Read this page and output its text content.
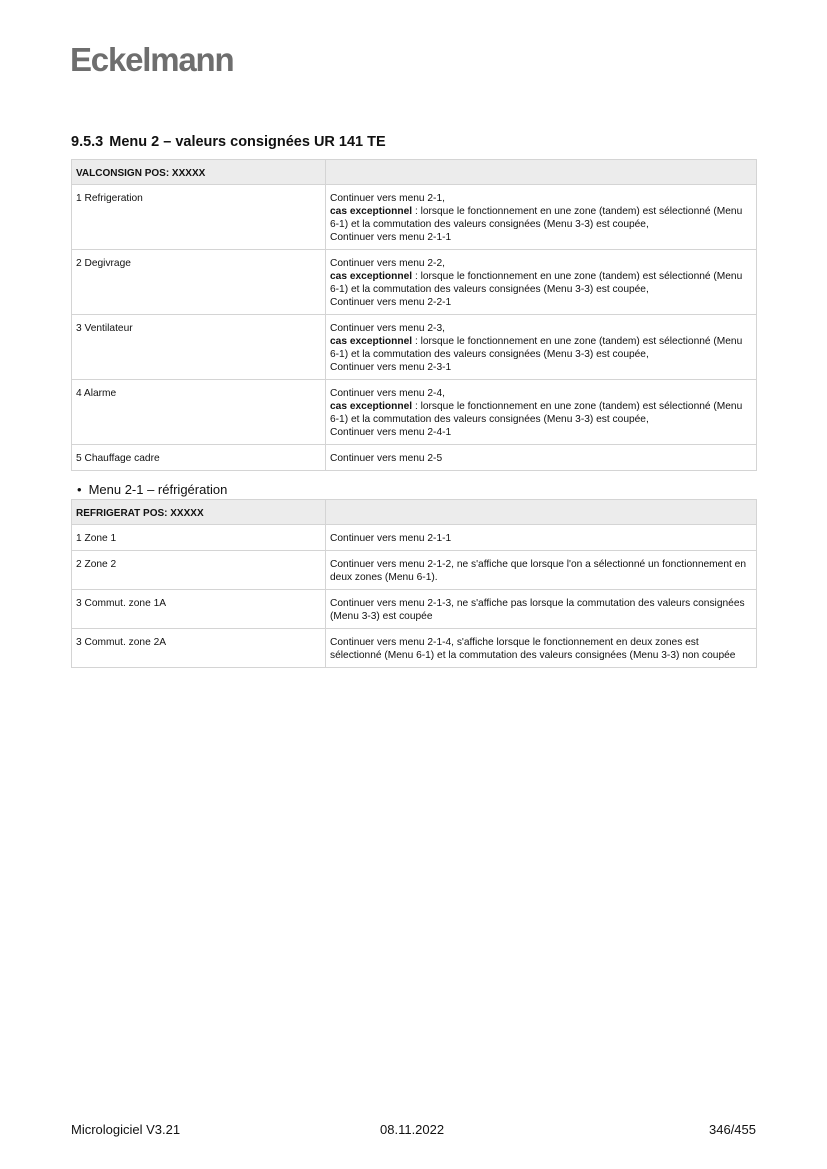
Eckelmann
9.5.3 Menu 2 – valeurs consignées UR 141 TE
VALCONSIGN POS: XXXXX	
1 Refrigeration	Continuer vers menu 2-1,
cas exceptionnel : lorsque le fonctionnement en une zone (tandem) est sélectionné (Menu 6-1) et la commutation des valeurs consignées (Menu 3-3) est coupée,
Continuer vers menu 2-1-1
2 Degivrage	Continuer vers menu 2-2,
cas exceptionnel : lorsque le fonctionnement en une zone (tandem) est sélectionné (Menu 6-1) et la commutation des valeurs consignées (Menu 3-3) est coupée,
Continuer vers menu 2-2-1
3 Ventilateur	Continuer vers menu 2-3,
cas exceptionnel : lorsque le fonctionnement en une zone (tandem) est sélectionné (Menu 6-1) et la commutation des valeurs consignées (Menu 3-3) est coupée,
Continuer vers menu 2-3-1
4 Alarme	Continuer vers menu 2-4,
cas exceptionnel : lorsque le fonctionnement en une zone (tandem) est sélectionné (Menu 6-1) et la commutation des valeurs consignées (Menu 3-3) est coupée,
Continuer vers menu 2-4-1
5 Chauffage cadre	Continuer vers menu 2-5
• Menu 2-1 – réfrigération
REFRIGERAT POS: XXXXX	
1 Zone 1	Continuer vers menu 2-1-1
2 Zone 2	Continuer vers menu 2-1-2, ne s'affiche que lorsque l'on a sélectionné un fonctionnement en deux zones (Menu 6-1).
3 Commut. zone 1A	Continuer vers menu 2-1-3, ne s'affiche pas lorsque la commutation des valeurs consignées (Menu 3-3) est coupée
3 Commut. zone 2A	Continuer vers menu 2-1-4, s'affiche lorsque le fonctionnement en deux zones est sélectionné (Menu 6-1) et la commutation des valeurs consignées (Menu 3-3) non coupée
Micrologiciel V3.21	08.11.2022	346/455
